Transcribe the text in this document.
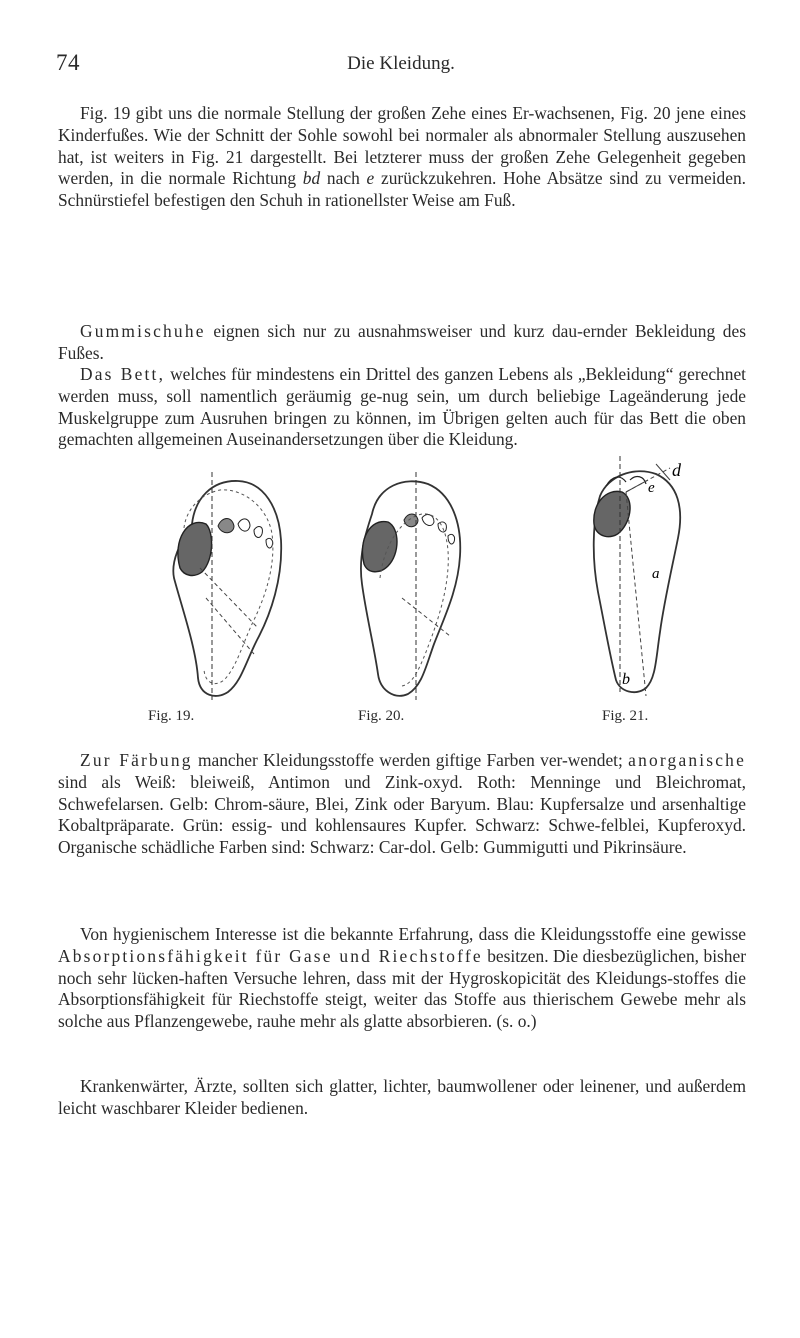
74	Die Kleidung.

Fig. 19 gibt uns die normale Stellung der großen Zehe eines Er-wachsenen, Fig. 20 jene eines Kinderfußes. Wie der Schnitt der Sohle sowohl bei normaler als abnormaler Stellung auszusehen hat, ist weiters in Fig. 21 dargestellt. Bei letzterer muss der großen Zehe Gelegenheit gegeben werden, in die normale Richtung bd nach e zurückzukehren. Hohe Absätze sind zu vermeiden. Schnürstiefel befestigen den Schuh in rationellster Weise am Fuß.

Gummischuhe eignen sich nur zu ausnahmsweiser und kurz dau-ernder Bekleidung des Fußes.

Das Bett, welches für mindestens ein Drittel des ganzen Lebens als „Bekleidung“ gerechnet werden muss, soll namentlich geräumig ge-nug sein, um durch beliebige Lageänderung jede Muskelgruppe zum Ausruhen bringen zu können, im Übrigen gelten auch für das Bett die oben gemachten allgemeinen Auseinandersetzungen über die Kleidung.

Fig. 19.	Fig. 20.
d
e
a
b
Fig. 21.

Zur Färbung mancher Kleidungsstoffe werden giftige Farben ver-wendet; anorganische sind als Weiß: bleiweiß, Antimon und Zink-oxyd. Roth: Menninge und Bleichromat, Schwefelarsen. Gelb: Chrom-säure, Blei, Zink oder Baryum. Blau: Kupfersalze und arsenhaltige Kobaltpräparate. Grün: essig- und kohlensaures Kupfer. Schwarz: Schwe-felblei, Kupferoxyd. Organische schädliche Farben sind: Schwarz: Car-dol. Gelb: Gummigutti und Pikrinsäure.

Von hygienischem Interesse ist die bekannte Erfahrung, dass die Kleidungsstoffe eine gewisse Absorptionsfähigkeit für Gase und Riechstoffe besitzen. Die diesbezüglichen, bisher noch sehr lücken-haften Versuche lehren, dass mit der Hygroskopicität des Kleidungs-stoffes die Absorptionsfähigkeit für Riechstoffe steigt, weiter das Stoffe aus thierischem Gewebe mehr als solche aus Pflanzengewebe, rauhe mehr als glatte absorbieren. (s. o.)

Krankenwärter, Ärzte, sollten sich glatter, lichter, baumwollener oder leinener, und außerdem leicht waschbarer Kleider bedienen.
